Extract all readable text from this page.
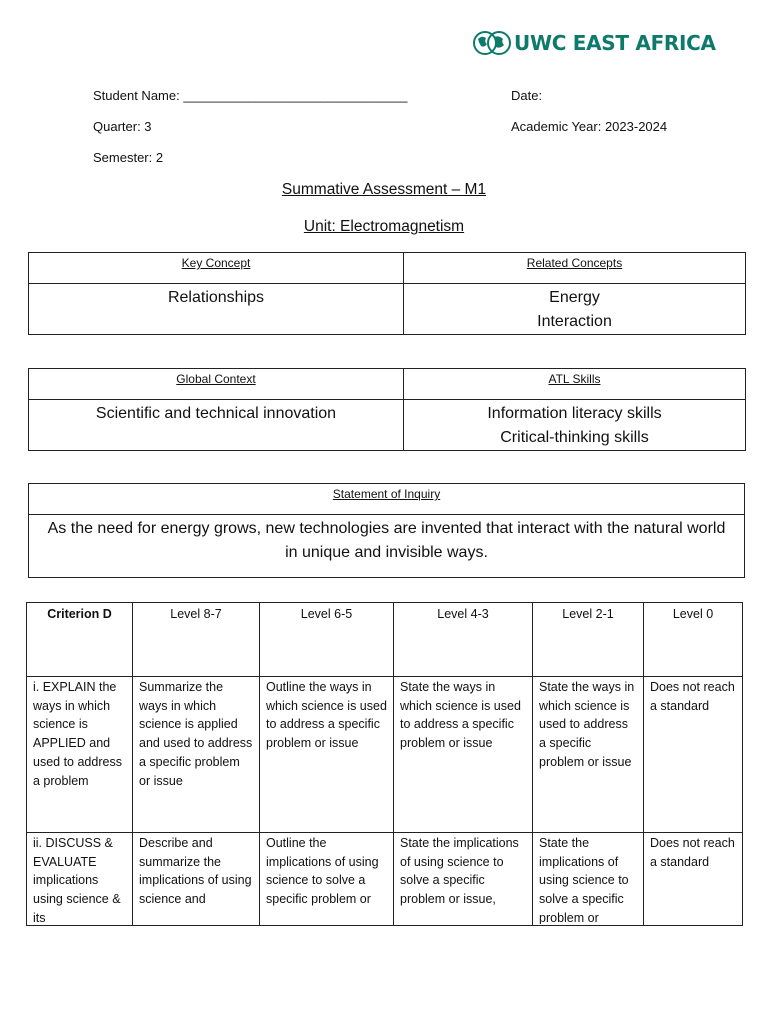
UWC EAST AFRICA
Student Name: _______________________________	Date:
Quarter: 3	Academic Year: 2023-2024
Semester: 2
Summative Assessment – M1
Unit: Electromagnetism
Key Concept	Related Concepts
Relationships	Energy
Interaction
Global Context	ATL Skills
Scientific and technical innovation	Information literacy skills
Critical-thinking skills
Statement of Inquiry
As the need for energy grows, new technologies are invented that interact with the natural world in unique and invisible ways.
Criterion D	Level 8-7	Level 6-5	Level 4-3	Level 2-1	Level 0
i. EXPLAIN the ways in which science is APPLIED and used to address a problem	Summarize the ways in which science is applied and used to address a specific problem or issue	Outline the ways in which science is used to address a specific problem or issue	State the ways in which science is used to address a specific problem or issue	State the ways in which science is used to address a specific problem or issue	Does not reach a standard

ii. DISCUSS & EVALUATE implications using science & its	Describe and summarize the implications of using science and	Outline the implications of using science to solve a specific problem or	State the implications of using science to solve a specific problem or issue,	State the implications of using science to solve a specific problem or	Does not reach a standard
